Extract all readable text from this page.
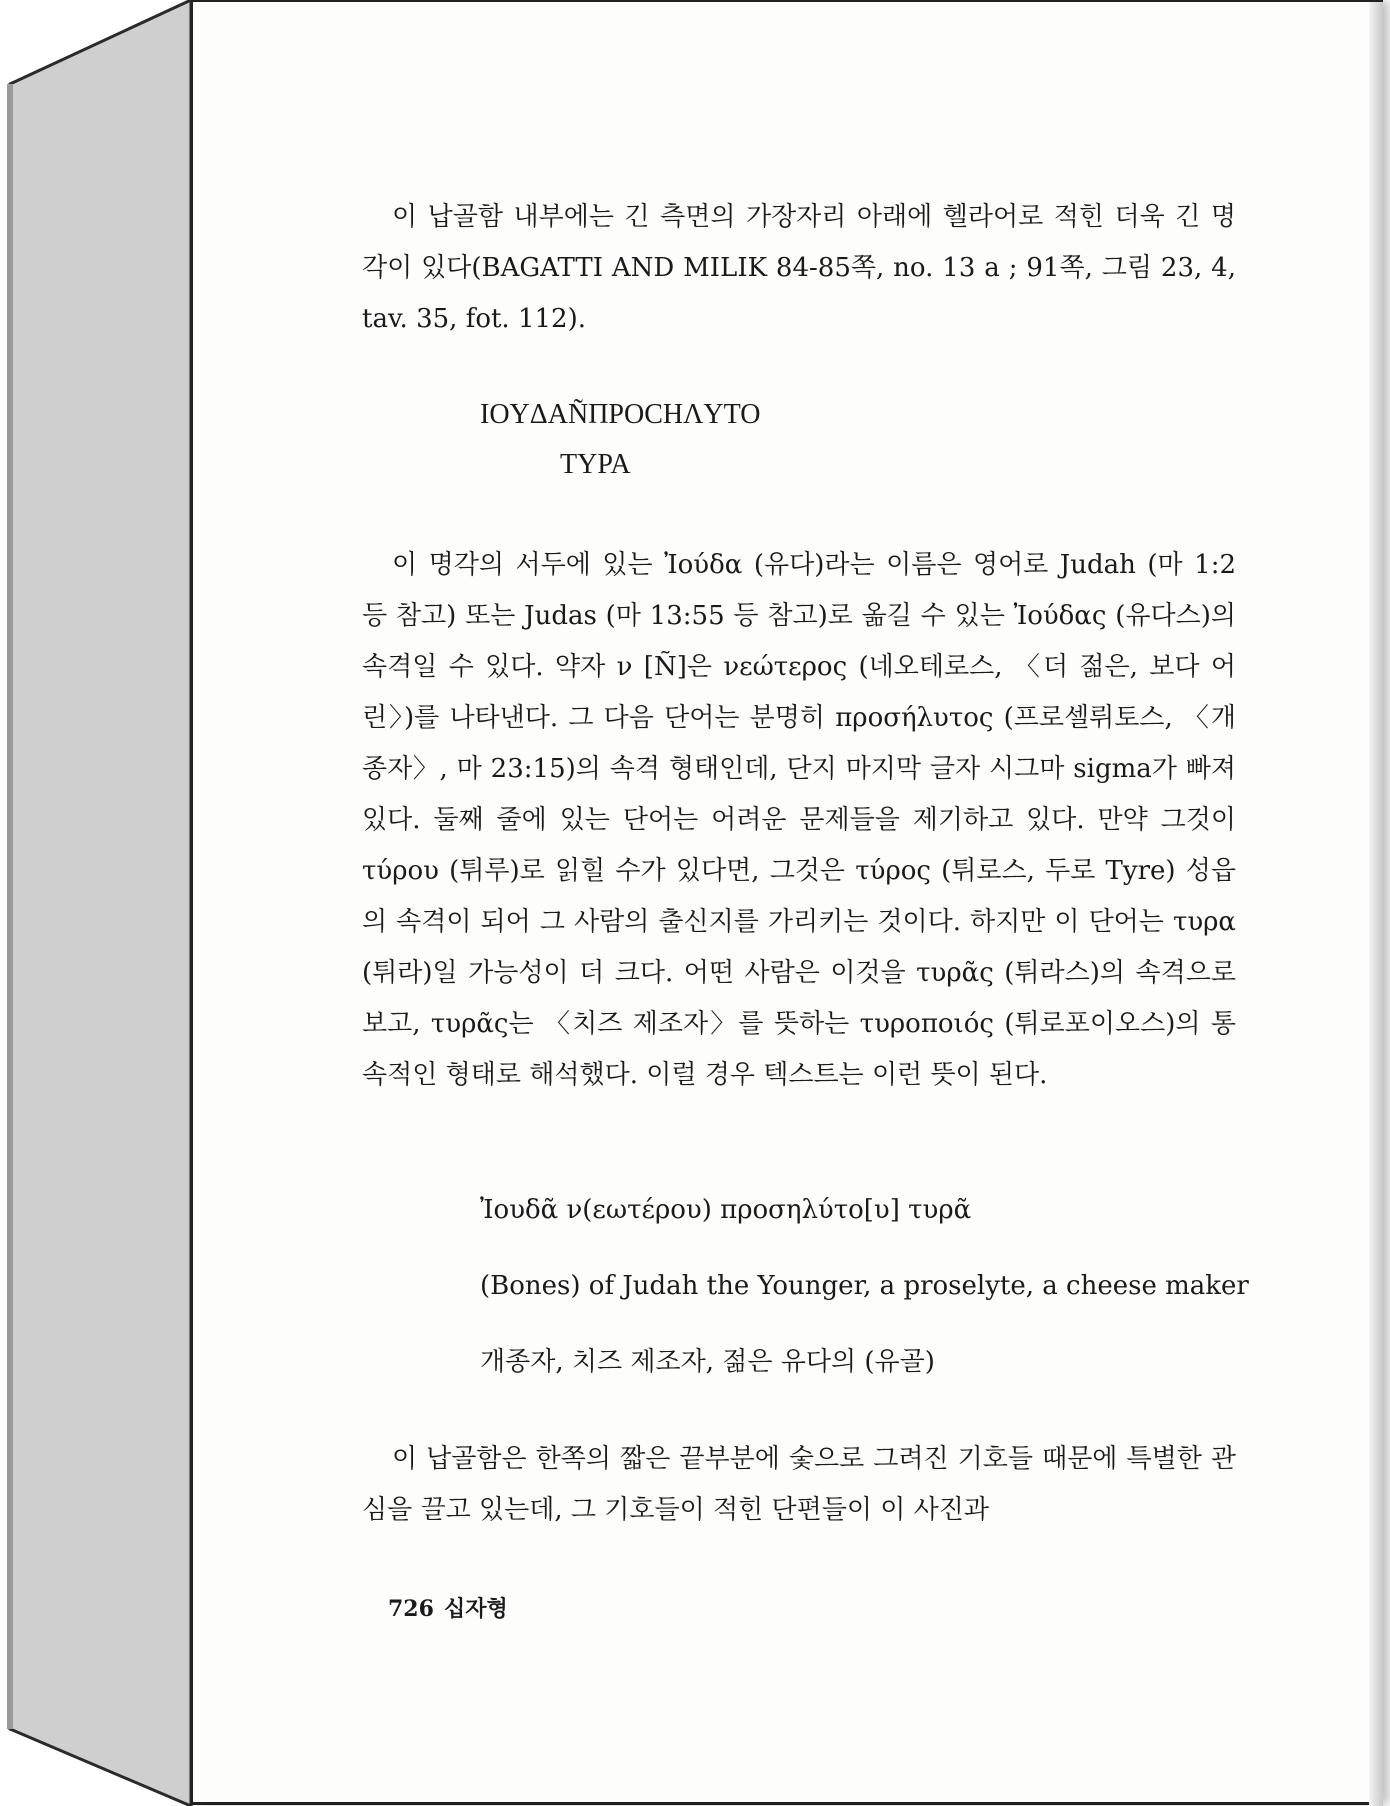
이 납골함 내부에는 긴 측면의 가장자리 아래에 헬라어로 적힌 더욱 긴 명각이 있다(BAGATTI AND MILIK 84-85쪽, no. 13 a ; 91쪽, 그림 23, 4, tav. 35, fot. 112).
IOYΔAÑΠPOCHΛYTO
TYPA
이 명각의 서두에 있는 Ἰούδα (유다)라는 이름은 영어로 Judah (마 1:2 등 참고) 또는 Judas (마 13:55 등 참고)로 옮길 수 있는 Ἰούδας (유다스)의 속격일 수 있다. 약자 ν [Ñ]은 νεώτερος (네오테로스, 〈더 젊은, 보다 어린〉)를 나타낸다. 그 다음 단어는 분명히 προσήλυτος (프로셀뤼토스, 〈개종자〉, 마 23:15)의 속격 형태인데, 단지 마지막 글자 시그마 sigma가 빠져 있다. 둘째 줄에 있는 단어는 어려운 문제들을 제기하고 있다. 만약 그것이 τύρου (튀루)로 읽힐 수가 있다면, 그것은 τύρος (튀로스, 두로 Tyre) 성읍의 속격이 되어 그 사람의 출신지를 가리키는 것이다. 하지만 이 단어는 τυρα (튀라)일 가능성이 더 크다. 어떤 사람은 이것을 τυρᾶς (튀라스)의 속격으로 보고, τυρᾶς는 〈치즈 제조자〉를 뜻하는 τυροποιός (튀로포이오스)의 통속적인 형태로 해석했다. 이럴 경우 텍스트는 이런 뜻이 된다.
Ἰουδᾶ ν(εωτέρου) προσηλύτο[υ] τυρᾶ
(Bones) of Judah the Younger, a proselyte, a cheese maker
개종자, 치즈 제조자, 젊은 유다의 (유골)
이 납골함은 한쪽의 짧은 끝부분에 숯으로 그려진 기호들 때문에 특별한 관심을 끌고 있는데, 그 기호들이 적힌 단편들이 이 사진과
726 십자형
